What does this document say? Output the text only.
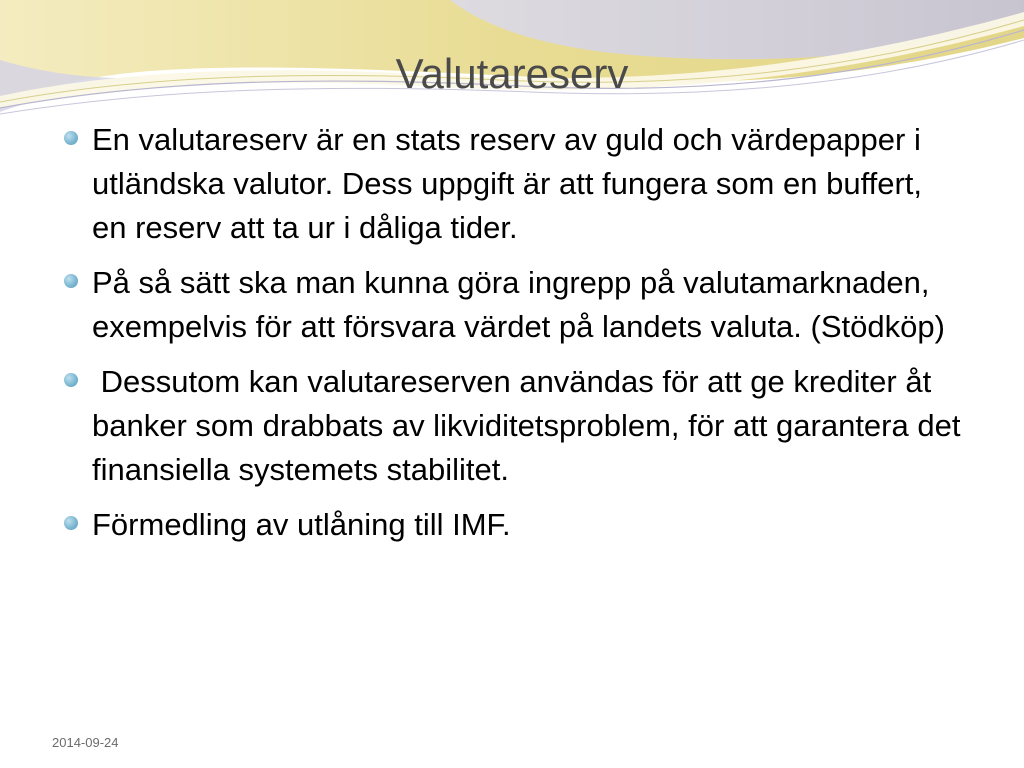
Valutareserv
En valutareserv är en stats reserv av guld och värdepapper i utländska valutor. Dess uppgift är att fungera som en buffert, en reserv att ta ur i dåliga tider.
På så sätt ska man kunna göra ingrepp på valutamarknaden, exempelvis för att försvara värdet på landets valuta. (Stödköp)
Dessutom kan valutareserven användas för att ge krediter åt banker som drabbats av likviditetsproblem, för att garantera det finansiella systemets stabilitet.
Förmedling av utlåning till IMF.
2014-09-24
